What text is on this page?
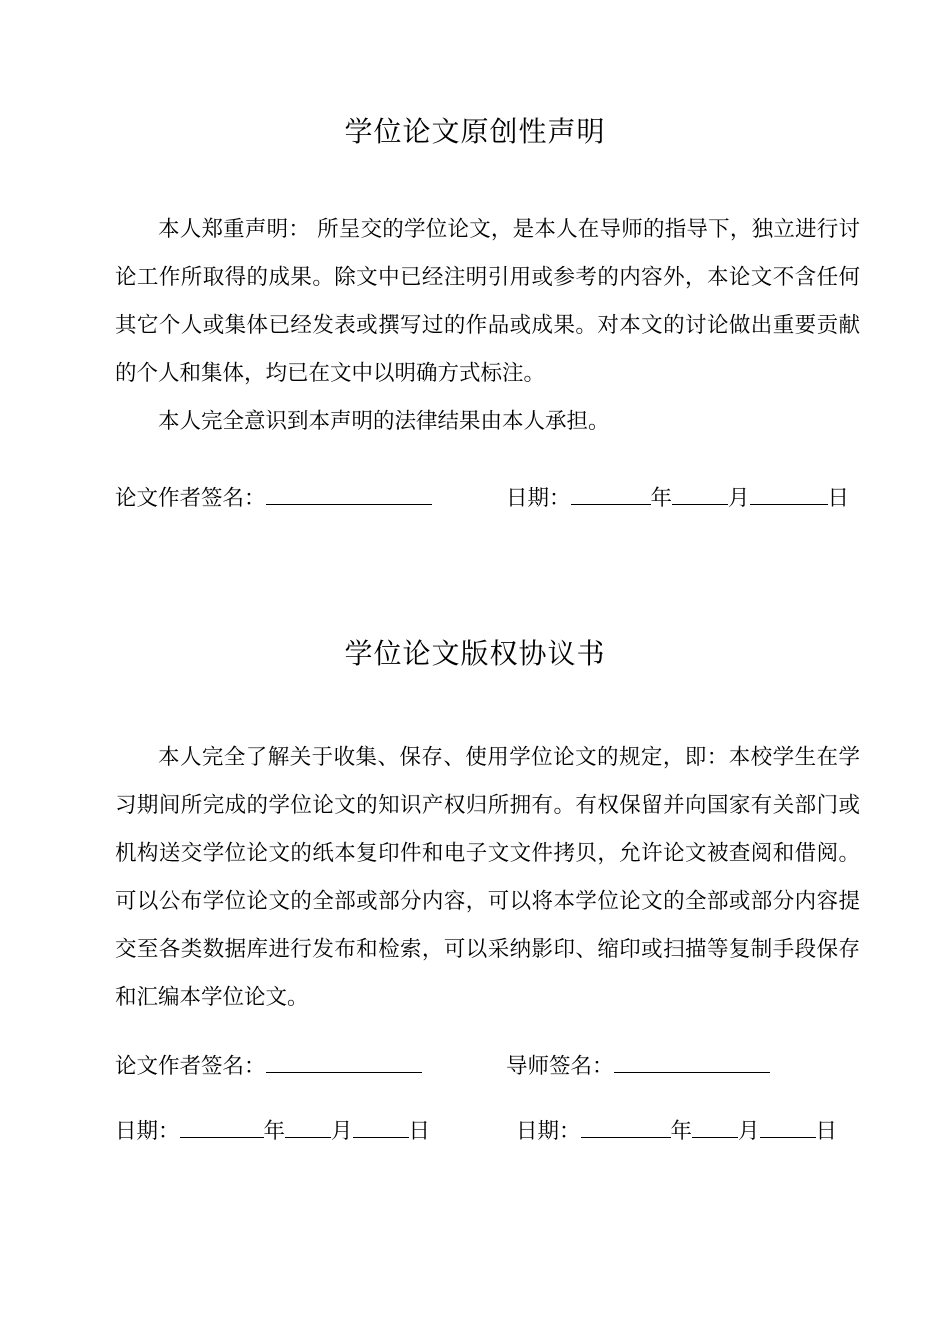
学位论文原创性声明

本人郑重声明： 所呈交的学位论文，是本人在导师的指导下，独立进行讨论工作所取得的成果。除文中已经注明引用或参考的内容外，本论文不含任何其它个人或集体已经发表或撰写过的作品或成果。对本文的讨论做出重要贡献的个人和集体，均已在文中以明确方式标注。

本人完全意识到本声明的法律结果由本人承担。

论文作者签名：	日期：	年	月	日
学位论文版权协议书

本人完全了解关于收集、保存、使用学位论文的规定，即：本校学生在学习期间所完成的学位论文的知识产权归所拥有。有权保留并向国家有关部门或机构送交学位论文的纸本复印件和电子文文件拷贝，允许论文被查阅和借阅。可以公布学位论文的全部或部分内容，可以将本学位论文的全部或部分内容提交至各类数据库进行发布和检索，可以采纳影印、缩印或扫描等复制手段保存和汇编本学位论文。

论文作者签名：	导师签名：
日期：	年 月	日	日期：	年 月	日
